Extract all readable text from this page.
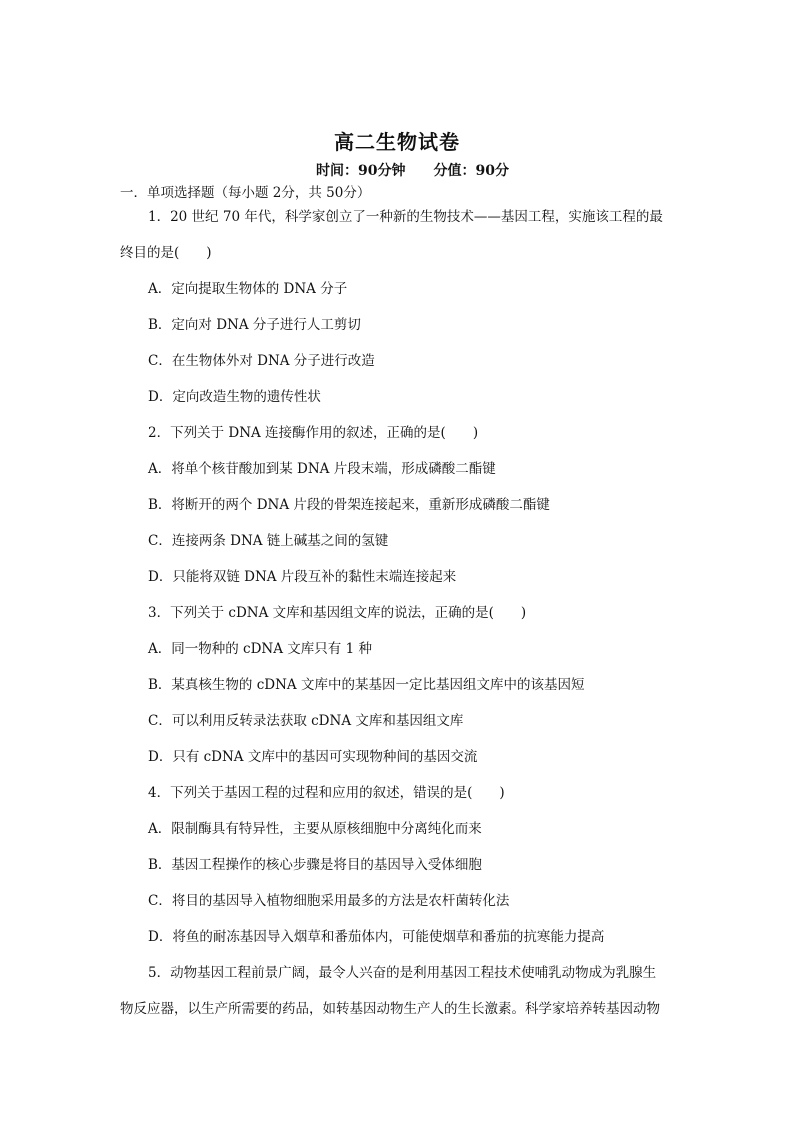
高二生物试卷
时间：90分钟 分值：90分
一．单项选择题（每小题 2分，共 50分）
1．20 世纪 70 年代，科学家创立了一种新的生物技术——基因工程，实施该工程的最
终目的是(　　)
A．定向提取生物体的 DNA 分子
B．定向对 DNA 分子进行人工剪切
C．在生物体外对 DNA 分子进行改造
D．定向改造生物的遗传性状
2．下列关于 DNA 连接酶作用的叙述，正确的是(　　)
A．将单个核苷酸加到某 DNA 片段末端，形成磷酸二酯键
B．将断开的两个 DNA 片段的骨架连接起来，重新形成磷酸二酯键
C．连接两条 DNA 链上碱基之间的氢键
D．只能将双链 DNA 片段互补的黏性末端连接起来
3．下列关于 cDNA 文库和基因组文库的说法，正确的是(　　)
A．同一物种的 cDNA 文库只有 1 种
B．某真核生物的 cDNA 文库中的某基因一定比基因组文库中的该基因短
C．可以利用反转录法获取 cDNA 文库和基因组文库
D．只有 cDNA 文库中的基因可实现物种间的基因交流
4．下列关于基因工程的过程和应用的叙述，错误的是(　　)
A．限制酶具有特异性，主要从原核细胞中分离纯化而来
B．基因工程操作的核心步骤是将目的基因导入受体细胞
C．将目的基因导入植物细胞采用最多的方法是农杆菌转化法
D．将鱼的耐冻基因导入烟草和番茄体内，可能使烟草和番茄的抗寒能力提高
5．动物基因工程前景广阔，最令人兴奋的是利用基因工程技术使哺乳动物成为乳腺生
物反应器，以生产所需要的药品，如转基因动物生产人的生长激素。科学家培养转基因动物
